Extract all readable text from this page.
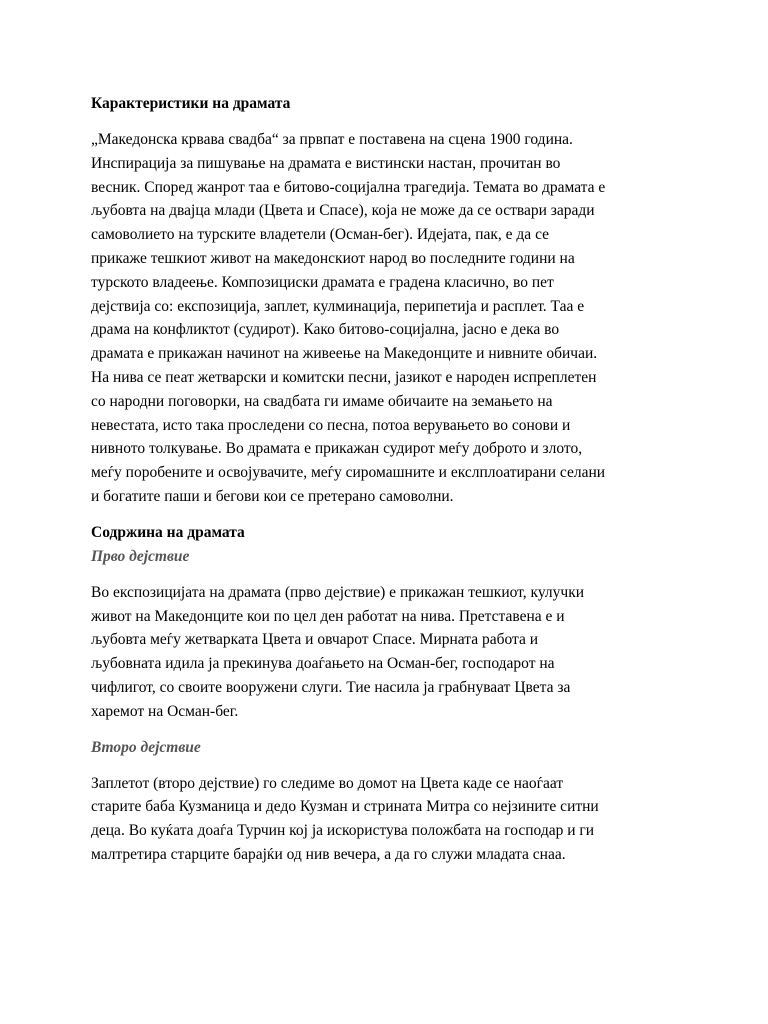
Карактеристики на драмата

„Македонска крвава свадба“ за првпат е поставена на сцена 1900 година.
Инспирација за пишување на драмата е вистински настан, прочитан во
весник. Според жанрот таа е битово-социјална трагедија. Темата во драмата е
љубовта на двајца млади (Цвета и Спасе), која не може да се оствари заради
самоволието на турските владетели (Осман-бег). Идејата, пак, е да се
прикаже тешкиот живот на македонскиот народ во последните години на
турското владеење. Композициски драмата е градена класично, во пет
дејствија со: експозиција, заплет, кулминација, перипетија и расплет. Таа е
драма на конфликтот (судирот). Како битово-социјална, јасно е дека во
драмата е прикажан начинот на живеење на Македонците и нивните обичаи.
На нива се пеат жетварски и комитски песни, јазикот е народен испреплетен
со народни поговорки, на свадбата ги имаме обичаите на земањето на
невестата, исто така проследени со песна, потоа верувањето во сонови и
нивното толкување. Во драмата е прикажан судирот меѓу доброто и злото,
меѓу поробените и освојувачите, меѓу сиромашните и екслплоатирани селани
и богатите паши и бегови кои се претерано самоволни.

Содржина на драмата
Прво дејствие

Во експозицијата на драмата (прво дејствие) е прикажан тешкиот, кулучки
живот на Македонците кои по цел ден работат на нива. Претставена е и
љубовта меѓу жетварката Цвета и овчарот Спасе. Мирната работа и
љубовната идила ја прекинува доаѓањето на Осман-бег, господарот на
чифлигот, со своите вооружени слуги. Тие насила ја грабнуваат Цвета за
харемот на Осман-бег.

Второ дејствие

Заплетот (второ дејствие) го следиме во домот на Цвета каде се наоѓаат
старите баба Кузманица и дедо Кузман и стрината Митра со нејзините ситни
деца. Во куќата доаѓа Турчин кој ја искористува положбата на господар и ги
малтретира старците барајќи од нив вечера, а да го служи младата снаа.
